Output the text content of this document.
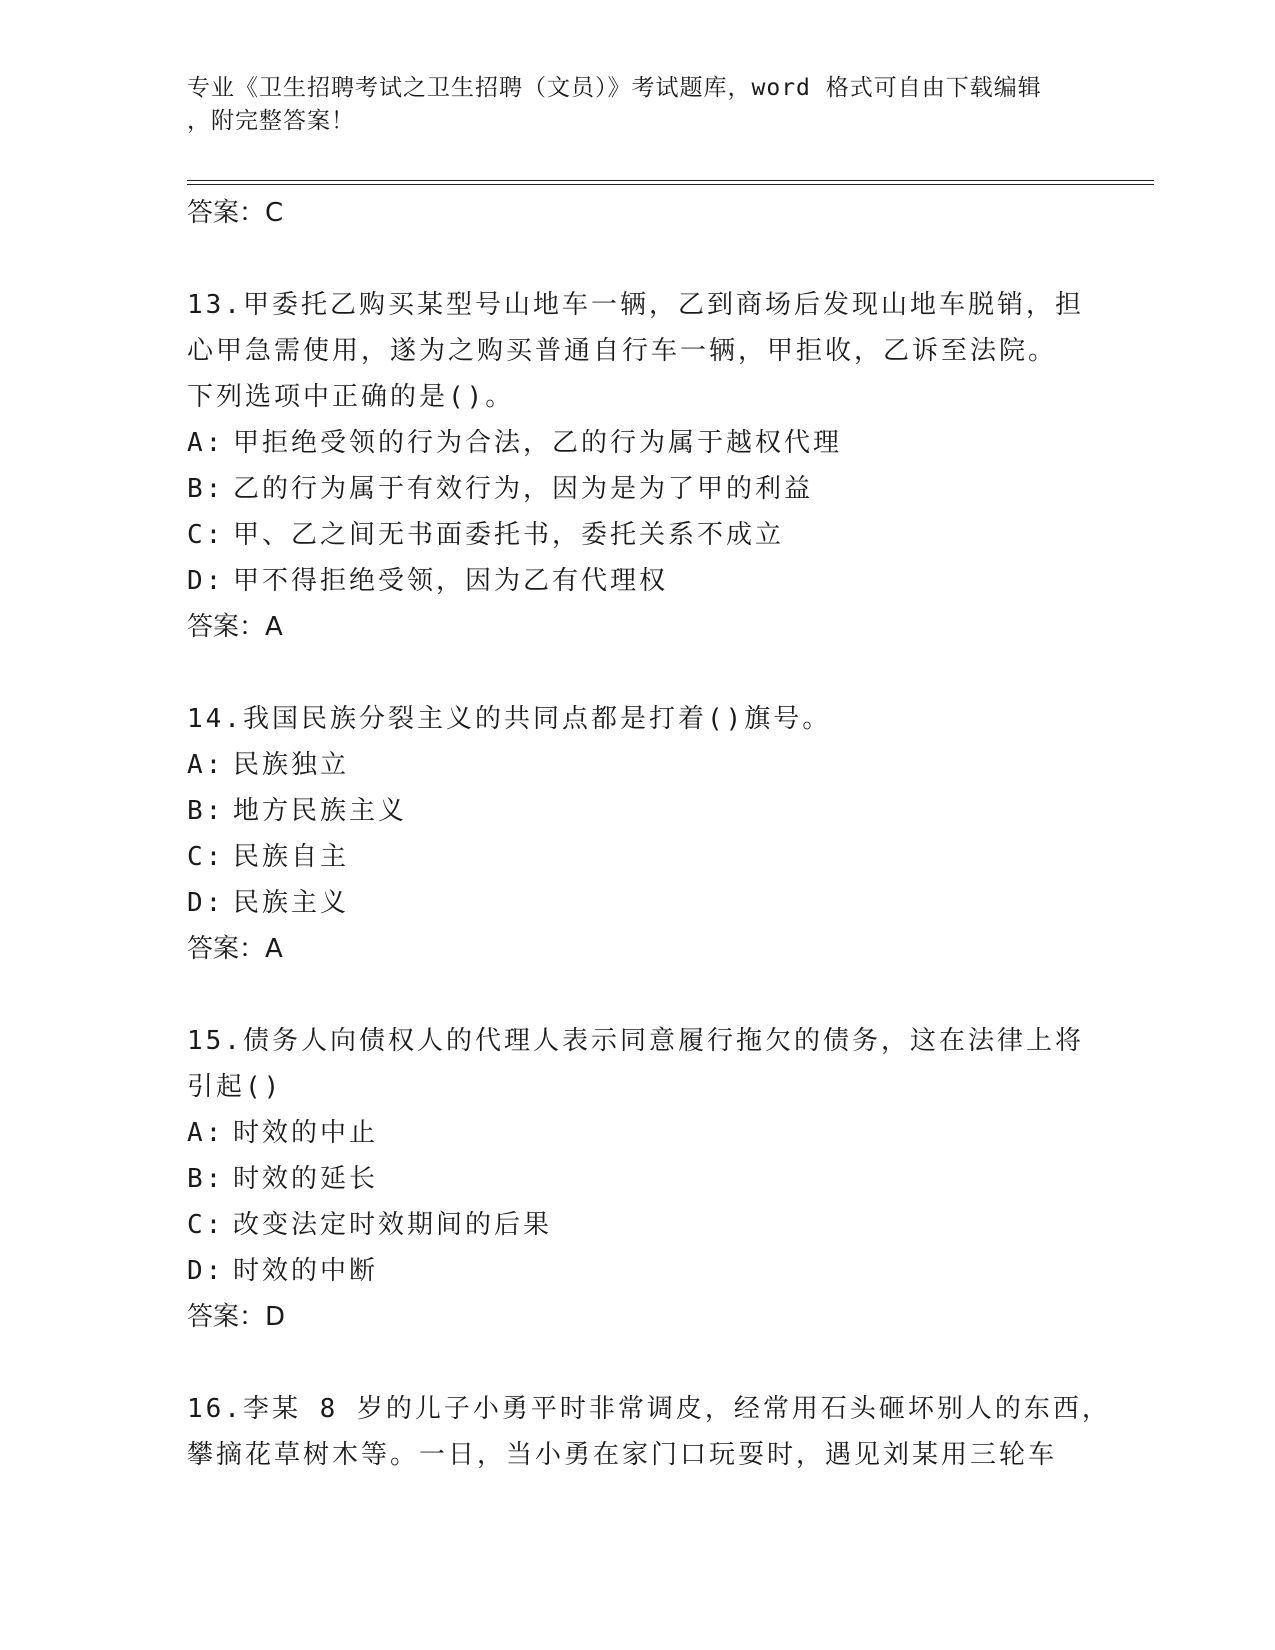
专业《卫生招聘考试之卫生招聘（文员）》考试题库，word 格式可自由下载编辑
，附完整答案！
答案：C
13.甲委托乙购买某型号山地车一辆，乙到商场后发现山地车脱销，担
心甲急需使用，遂为之购买普通自行车一辆，甲拒收，乙诉至法院。
下列选项中正确的是()。
A: 甲拒绝受领的行为合法，乙的行为属于越权代理
B: 乙的行为属于有效行为，因为是为了甲的利益
C: 甲、乙之间无书面委托书，委托关系不成立
D: 甲不得拒绝受领，因为乙有代理权
答案：A
14.我国民族分裂主义的共同点都是打着()旗号。
A: 民族独立
B: 地方民族主义
C: 民族自主
D: 民族主义
答案：A
15.债务人向债权人的代理人表示同意履行拖欠的债务，这在法律上将
引起()
A: 时效的中止
B: 时效的延长
C: 改变法定时效期间的后果
D: 时效的中断
答案：D
16.李某 8 岁的儿子小勇平时非常调皮，经常用石头砸坏别人的东西，
攀摘花草树木等。一日，当小勇在家门口玩耍时，遇见刘某用三轮车
